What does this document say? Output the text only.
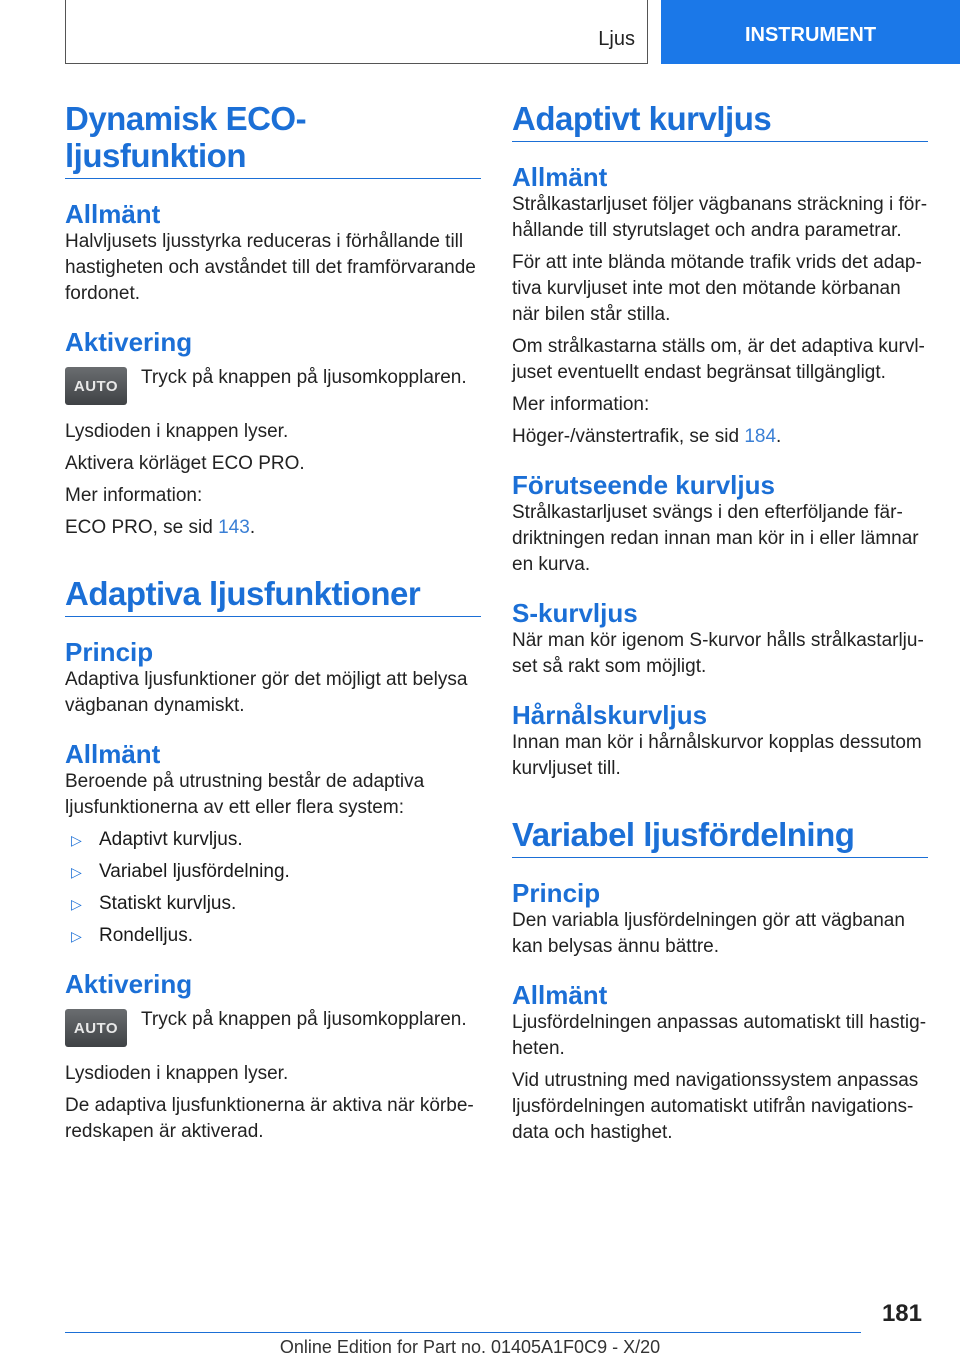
Ljus	INSTRUMENT
Dynamisk ECO-ljusfunktion
Allmänt

Halvljusets ljusstyrka reduceras i förhållande till hastigheten och avståndet till det framförvarande fordonet.

Aktivering
AUTO	Tryck på knappen på ljusomkopplaren.

Lysdioden i knappen lyser.

Aktivera körläget ECO PRO.

Mer information:

ECO PRO, se sid 143.

Adaptiva ljusfunktioner
Princip

Adaptiva ljusfunktioner gör det möjligt att belysa vägbanan dynamiskt.

Allmänt

Beroende på utrustning består de adaptiva ljusfunktionerna av ett eller flera system:

▷ Adaptivt kurvljus.
▷ Variabel ljusfördelning.
▷ Statiskt kurvljus.
▷ Rondelljus.
Aktivering
AUTO	Tryck på knappen på ljusomkopplaren.

Lysdioden i knappen lyser.

De adaptiva ljusfunktionerna är aktiva när körberedskapen är aktiverad.

Adaptivt kurvljus
Allmänt

Strålkastarljuset följer vägbanans sträckning i förhållande till styrutslaget och andra parametrar.

För att inte blända mötande trafik vrids det adaptiva kurvljuset inte mot den mötande körbanan när bilen står stilla.

Om strålkastarna ställs om, är det adaptiva kurvljuset eventuellt endast begränsat tillgängligt.

Mer information:

Höger-/vänstertrafik, se sid 184.

Förutseende kurvljus

Strålkastarljuset svängs i den efterföljande färdriktningen redan innan man kör in i eller lämnar en kurva.

S-kurvljus

När man kör igenom S-kurvor hålls strålkastarljuset så rakt som möjligt.

Hårnålskurvljus

Innan man kör i hårnålskurvor kopplas dessutom kurvljuset till.

Variabel ljusfördelning
Princip

Den variabla ljusfördelningen gör att vägbanan kan belysas ännu bättre.

Allmänt

Ljusfördelningen anpassas automatiskt till hastigheten.

Vid utrustning med navigationssystem anpassas ljusfördelningen automatiskt utifrån navigationsdata och hastighet.

181
Online Edition for Part no. 01405A1F0C9 - X/20
